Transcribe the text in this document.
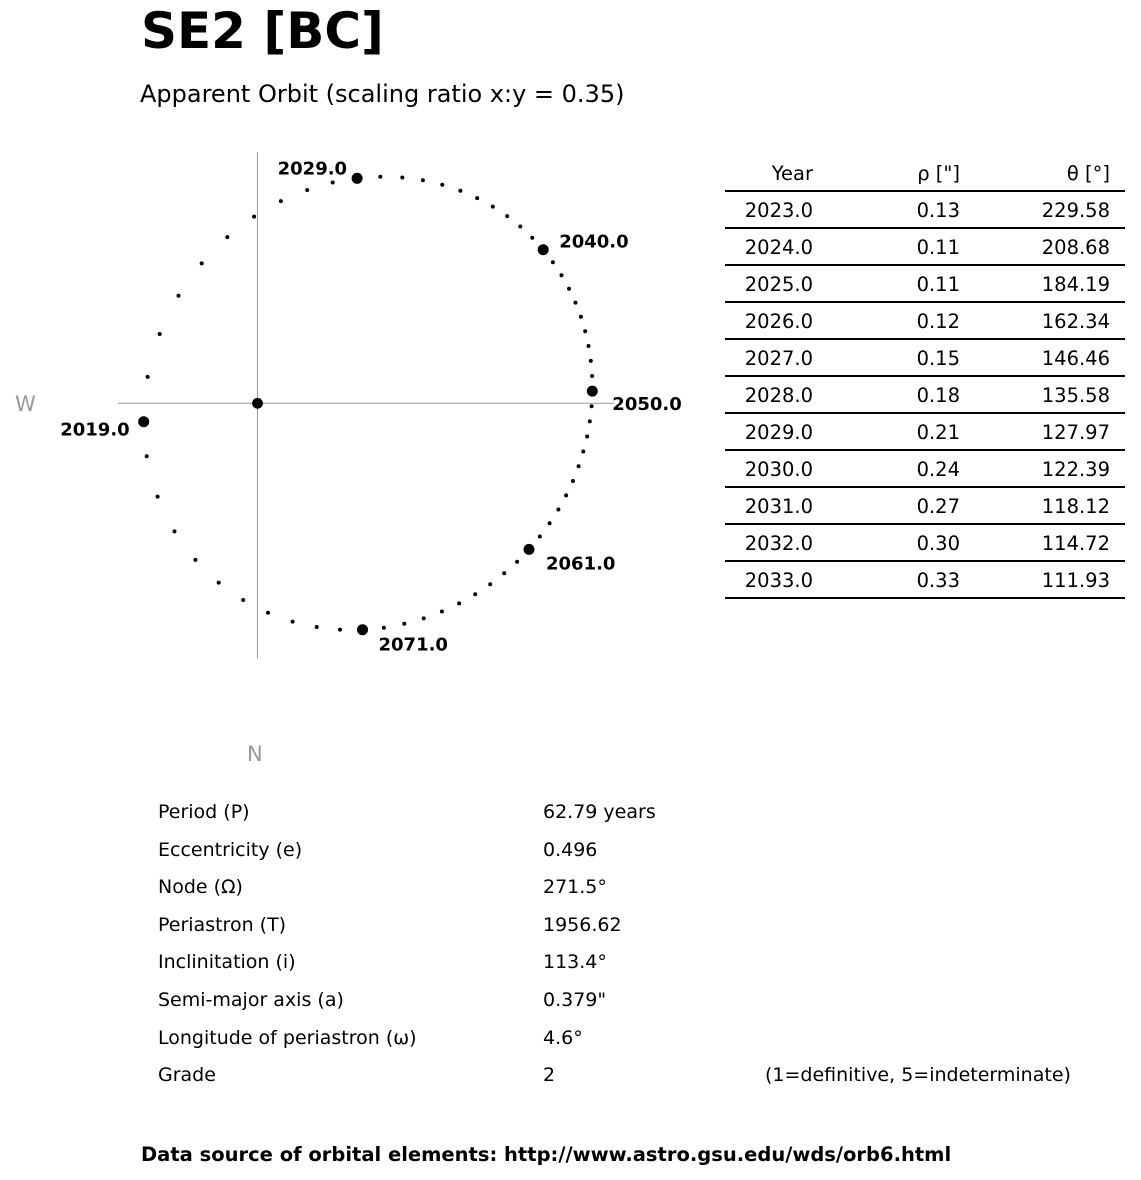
SE2 [BC]
Apparent Orbit (scaling ratio x:y = 0.35)
2019.0
2029.0
2040.0
2050.0
2061.0
2071.0
W
N
Year	ρ ["]	θ [°]
2023.0	0.13	229.58
2024.0	0.11	208.68
2025.0	0.11	184.19
2026.0	0.12	162.34
2027.0	0.15	146.46
2028.0	0.18	135.58
2029.0	0.21	127.97
2030.0	0.24	122.39
2031.0	0.27	118.12
2032.0	0.30	114.72
2033.0	0.33	111.93
Period (P)	62.79 years
Eccentricity (e)	0.496
Node (Ω)	271.5°
Periastron (T)	1956.62
Inclinitation (i)	113.4°
Semi-major axis (a)	0.379"
Longitude of periastron (ω)	4.6°
Grade	2	(1=definitive, 5=indeterminate)
Data source of orbital elements: http://www.astro.gsu.edu/wds/orb6.html
